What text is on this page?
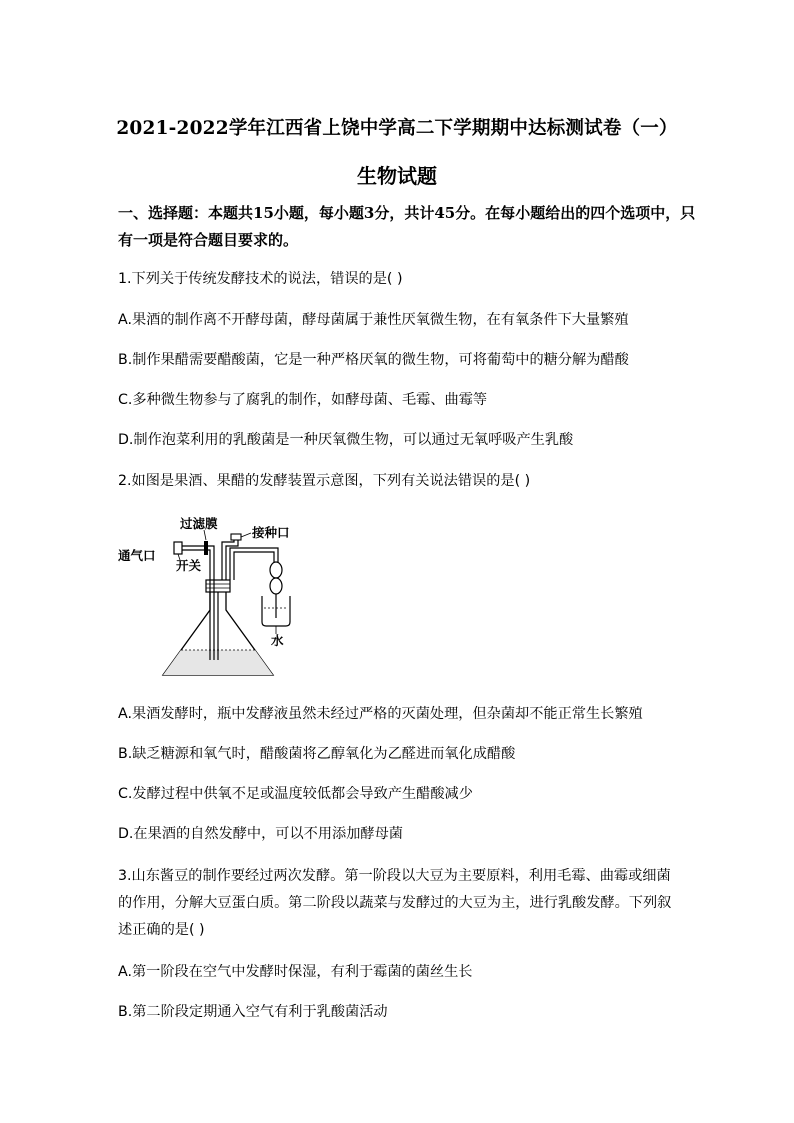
2021-2022学年江西省上饶中学高二下学期期中达标测试卷（一）
生物试题
一、选择题：本题共15小题，每小题3分，共计45分。在每小题给出的四个选项中，只
有一项是符合题目要求的。
1.下列关于传统发酵技术的说法，错误的是( )
A.果酒的制作离不开酵母菌，酵母菌属于兼性厌氧微生物，在有氧条件下大量繁殖
B.制作果醋需要醋酸菌，它是一种严格厌氧的微生物，可将葡萄中的糖分解为醋酸
C.多种微生物参与了腐乳的制作，如酵母菌、毛霉、曲霉等
D.制作泡菜利用的乳酸菌是一种厌氧微生物，可以通过无氧呼吸产生乳酸
2.如图是果酒、果醋的发酵装置示意图，下列有关说法错误的是( )
过滤膜
接种口
通气口
开关
水
A.果酒发酵时，瓶中发酵液虽然未经过严格的灭菌处理，但杂菌却不能正常生长繁殖
B.缺乏糖源和氧气时，醋酸菌将乙醇氧化为乙醛进而氧化成醋酸
C.发酵过程中供氧不足或温度较低都会导致产生醋酸减少
D.在果酒的自然发酵中，可以不用添加酵母菌
3.山东酱豆的制作要经过两次发酵。第一阶段以大豆为主要原料，利用毛霉、曲霉或细菌
的作用，分解大豆蛋白质。第二阶段以蔬菜与发酵过的大豆为主，进行乳酸发酵。下列叙
述正确的是( )
A.第一阶段在空气中发酵时保湿，有利于霉菌的菌丝生长
B.第二阶段定期通入空气有利于乳酸菌活动
